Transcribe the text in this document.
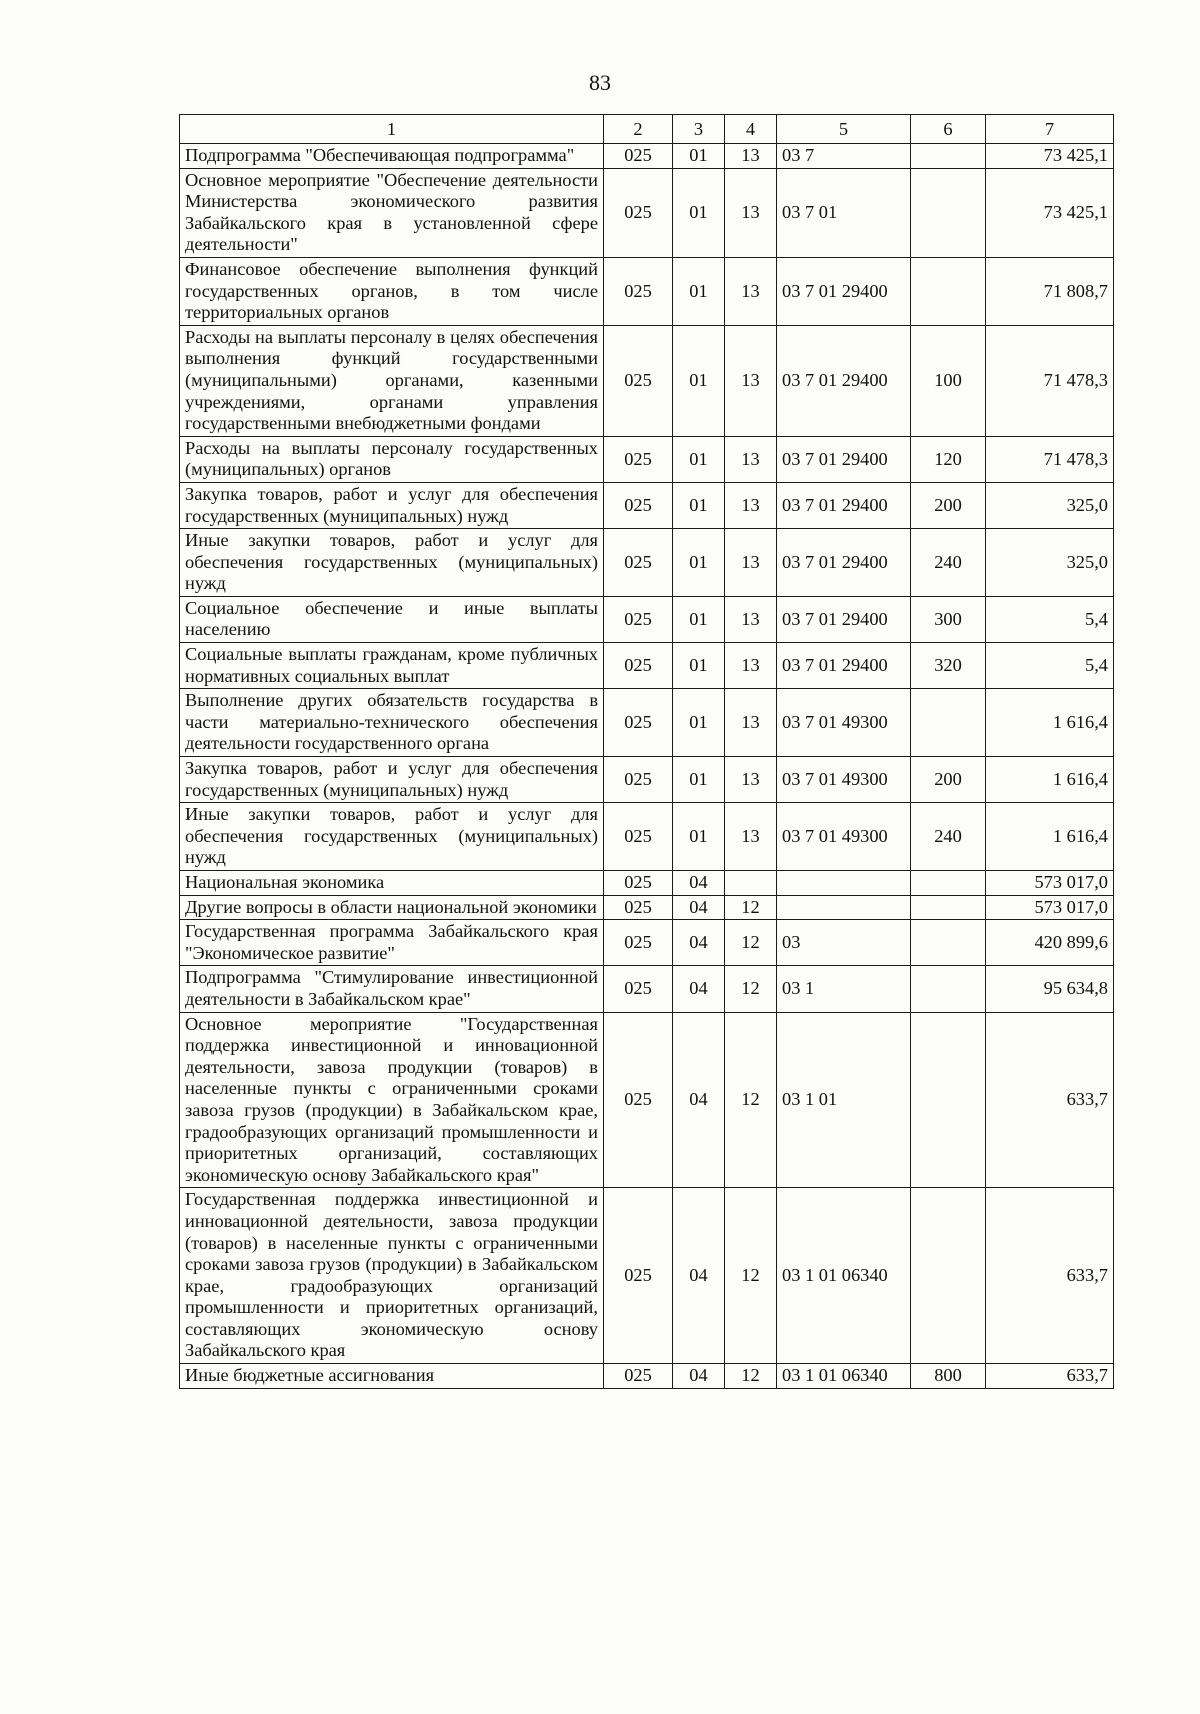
83
1	2	3	4	5	6	7
Подпрограмма "Обеспечивающая подпрограмма"	025	01	13	03 7		73 425,1
Основное мероприятие "Обеспечение деятельности Министерства экономического развития Забайкальского края в установленной сфере деятельности"	025	01	13	03 7 01		73 425,1
Финансовое обеспечение выполнения функций государственных органов, в том числе территориальных органов	025	01	13	03 7 01 29400		71 808,7
Расходы на выплаты персоналу в целях обеспечения выполнения функций государственными (муниципальными) органами, казенными учреждениями, органами управления государственными внебюджетными фондами	025	01	13	03 7 01 29400	100	71 478,3
Расходы на выплаты персоналу государственных (муниципальных) органов	025	01	13	03 7 01 29400	120	71 478,3
Закупка товаров, работ и услуг для обеспечения государственных (муниципальных) нужд	025	01	13	03 7 01 29400	200	325,0
Иные закупки товаров, работ и услуг для обеспечения государственных (муниципальных) нужд	025	01	13	03 7 01 29400	240	325,0
Социальное обеспечение и иные выплаты населению	025	01	13	03 7 01 29400	300	5,4
Социальные выплаты гражданам, кроме публичных нормативных социальных выплат	025	01	13	03 7 01 29400	320	5,4
Выполнение других обязательств государства в части материально-технического обеспечения деятельности государственного органа	025	01	13	03 7 01 49300		1 616,4
Закупка товаров, работ и услуг для обеспечения государственных (муниципальных) нужд	025	01	13	03 7 01 49300	200	1 616,4
Иные закупки товаров, работ и услуг для обеспечения государственных (муниципальных) нужд	025	01	13	03 7 01 49300	240	1 616,4
Национальная экономика	025	04				573 017,0
Другие вопросы в области национальной экономики	025	04	12			573 017,0
Государственная программа Забайкальского края "Экономическое развитие"	025	04	12	03		420 899,6
Подпрограмма "Стимулирование инвестиционной деятельности в Забайкальском крае"	025	04	12	03 1		95 634,8
Основное мероприятие "Государственная поддержка инвестиционной и инновационной деятельности, завоза продукции (товаров) в населенные пункты с ограниченными сроками завоза грузов (продукции) в Забайкальском крае, градообразующих организаций промышленности и приоритетных организаций, составляющих экономическую основу Забайкальского края"	025	04	12	03 1 01		633,7
Государственная поддержка инвестиционной и инновационной деятельности, завоза продукции (товаров) в населенные пункты с ограниченными сроками завоза грузов (продукции) в Забайкальском крае, градообразующих организаций промышленности и приоритетных организаций, составляющих экономическую основу Забайкальского края	025	04	12	03 1 01 06340		633,7
Иные бюджетные ассигнования	025	04	12	03 1 01 06340	800	633,7
